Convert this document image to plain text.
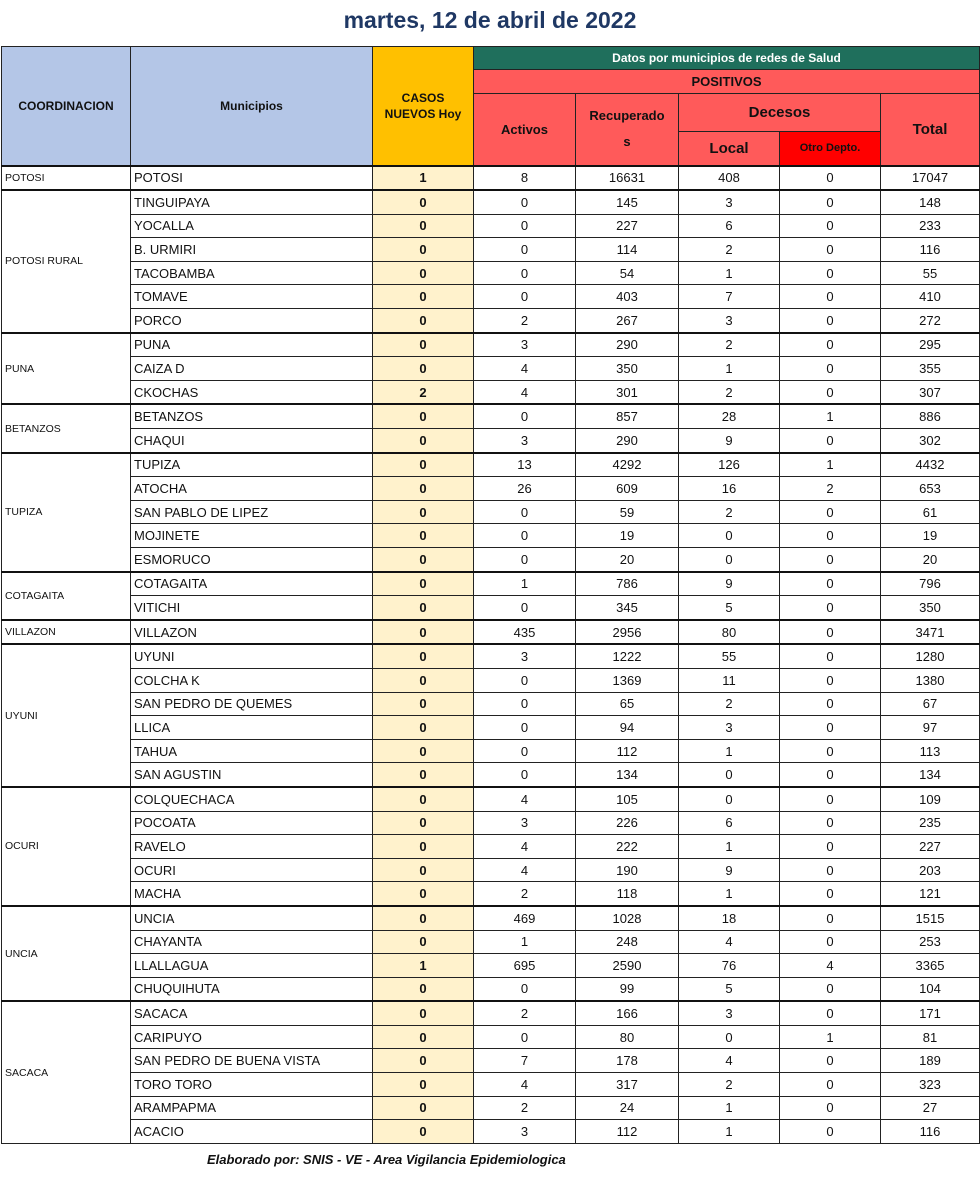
martes, 12 de abril de 2022
COORDINACION	Municipios	CASOS
NUEVOS Hoy	Datos por municipios de redes de Salud				
			POSITIVOS				
			Activos	Recuperado
s	Decesos		Total
					Local	Otro Depto.	
POTOSI	POTOSI	1	8	16631	408	0	17047
POTOSI RURAL	TINGUIPAYA	0	0	145	3	0	148
	YOCALLA	0	0	227	6	0	233
	B. URMIRI	0	0	114	2	0	116
	TACOBAMBA	0	0	54	1	0	55
	TOMAVE	0	0	403	7	0	410
	PORCO	0	2	267	3	0	272
PUNA	PUNA	0	3	290	2	0	295
	CAIZA D	0	4	350	1	0	355
	CKOCHAS	2	4	301	2	0	307
BETANZOS	BETANZOS	0	0	857	28	1	886
	CHAQUI	0	3	290	9	0	302
TUPIZA	TUPIZA	0	13	4292	126	1	4432
	ATOCHA	0	26	609	16	2	653
	SAN PABLO DE LIPEZ	0	0	59	2	0	61
	MOJINETE	0	0	19	0	0	19
	ESMORUCO	0	0	20	0	0	20
COTAGAITA	COTAGAITA	0	1	786	9	0	796
	VITICHI	0	0	345	5	0	350
VILLAZON	VILLAZON	0	435	2956	80	0	3471
UYUNI	UYUNI	0	3	1222	55	0	1280
	COLCHA K	0	0	1369	11	0	1380
	SAN PEDRO DE QUEMES	0	0	65	2	0	67
	LLICA	0	0	94	3	0	97
	TAHUA	0	0	112	1	0	113
	SAN AGUSTIN	0	0	134	0	0	134
OCURI	COLQUECHACA	0	4	105	0	0	109
	POCOATA	0	3	226	6	0	235
	RAVELO	0	4	222	1	0	227
	OCURI	0	4	190	9	0	203
	MACHA	0	2	118	1	0	121
UNCIA	UNCIA	0	469	1028	18	0	1515
	CHAYANTA	0	1	248	4	0	253
	LLALLAGUA	1	695	2590	76	4	3365
	CHUQUIHUTA	0	0	99	5	0	104
SACACA	SACACA	0	2	166	3	0	171
	CARIPUYO	0	0	80	0	1	81
	SAN PEDRO DE BUENA VISTA	0	7	178	4	0	189
	TORO TORO	0	4	317	2	0	323
	ARAMPAPMA	0	2	24	1	0	27
	ACACIO	0	3	112	1	0	116
Elaborado por: SNIS - VE - Area Vigilancia Epidemiologica
